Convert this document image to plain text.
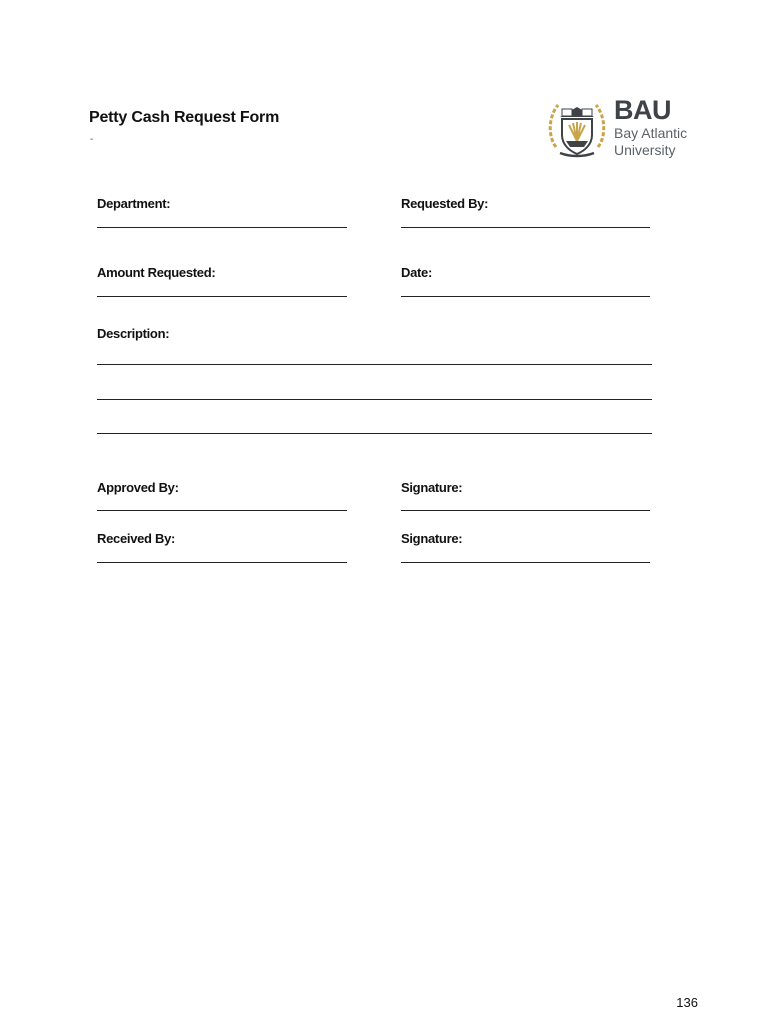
Petty Cash Request Form
-
BAU
Bay Atlantic
University
Department:	Requested By:
Amount Requested:	Date:
Description:
Approved By:	Signature:
Received By:	Signature:
136
